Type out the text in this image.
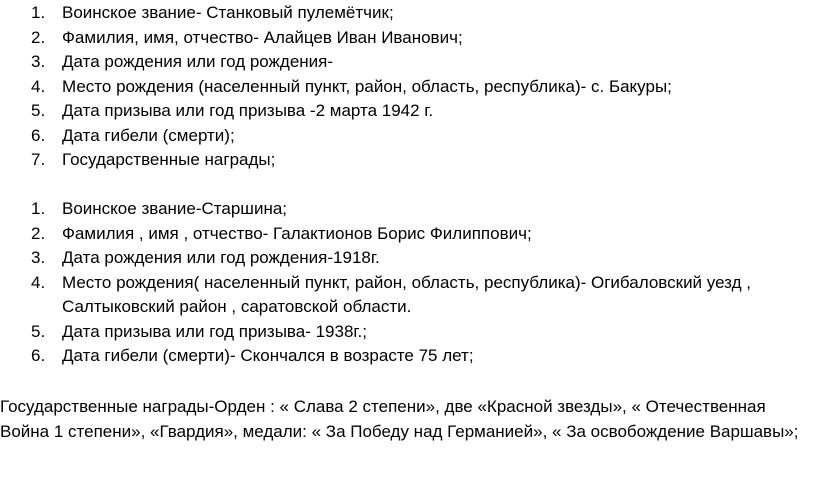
1. Воинское звание- Станковый пулемётчик;
2. Фамилия, имя, отчество- Алайцев Иван Иванович;
3. Дата рождения или год рождения-
4. Место рождения (населенный пункт, район, область, республика)- с. Бакуры;
5. Дата призыва или год призыва -2 марта 1942 г.
6. Дата гибели (смерти);
7. Государственные награды;
1. Воинское звание-Старшина;
2. Фамилия , имя , отчество- Галактионов Борис Филиппович;
3. Дата рождения или год рождения-1918г.
4. Место рождения( населенный пункт, район, область, республика)- Огибаловский уезд , Салтыковский район , саратовской области.
5. Дата призыва или год призыва- 1938г.;
6. Дата гибели (смерти)- Скончался в возрасте 75 лет;

Государственные награды-Орден : « Слава 2 степени», две «Красной звезды», « Отечественная Война 1 степени», «Гвардия», медали: « За Победу над Германией», « За освобождение Варшавы»;
